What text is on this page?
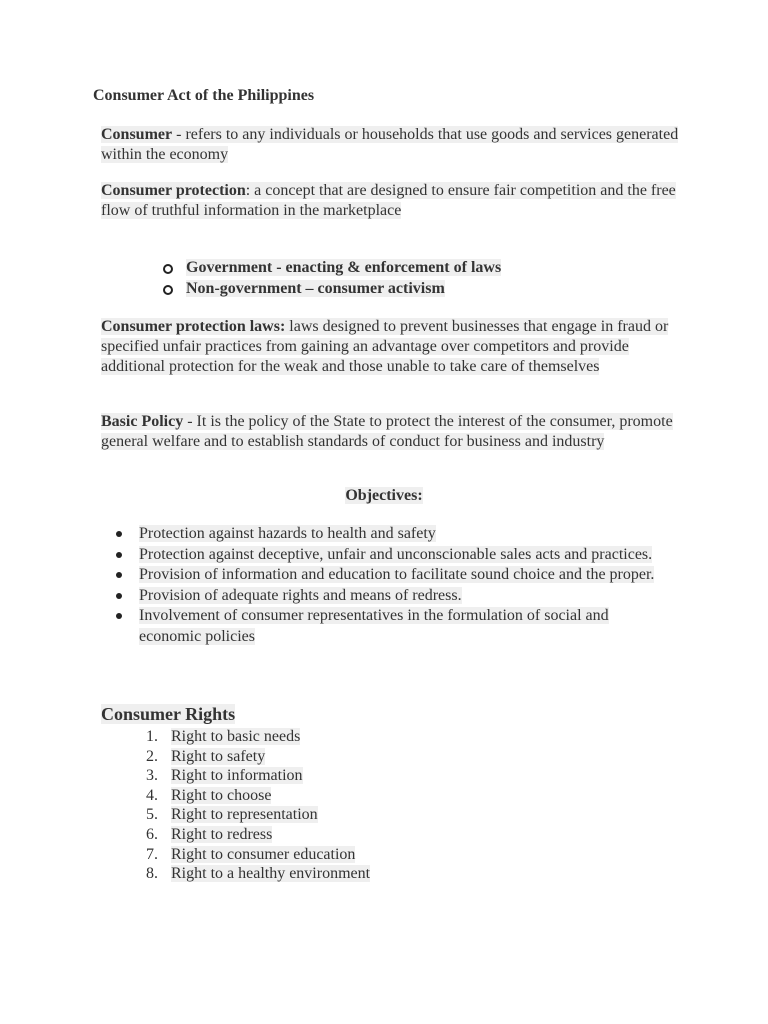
Consumer Act of the Philippines
Consumer - refers to any individuals or households that use goods and services generated within the economy
Consumer protection: a concept that are designed to ensure fair competition and the free flow of truthful information in the marketplace
Government - enacting & enforcement of laws
Non-government – consumer activism
Consumer protection laws: laws designed to prevent businesses that engage in fraud or specified unfair practices from gaining an advantage over competitors and provide additional protection for the weak and those unable to take care of themselves
Basic Policy - It is the policy of the State to protect the interest of the consumer, promote general welfare and to establish standards of conduct for business and industry
Objectives:
Protection against hazards to health and safety
Protection against deceptive, unfair and unconscionable sales acts and practices.
Provision of information and education to facilitate sound choice and the proper.
Provision of adequate rights and means of redress.
Involvement of consumer representatives in the formulation of social and economic policies
Consumer Rights
1. Right to basic needs
2. Right to safety
3. Right to information
4. Right to choose
5. Right to representation
6. Right to redress
7. Right to consumer education
8. Right to a healthy environment
